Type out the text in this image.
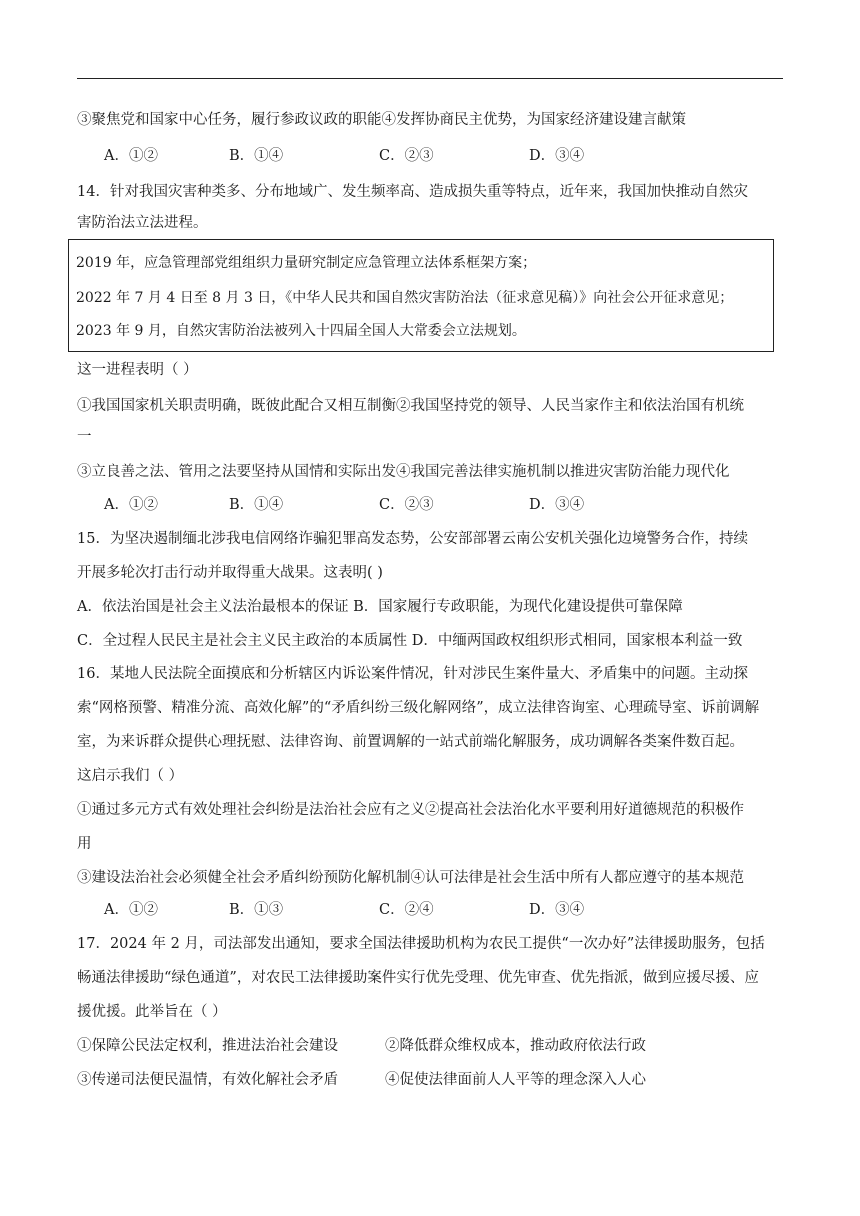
③聚焦党和国家中心任务，履行参政议政的职能④发挥协商民主优势，为国家经济建设建言献策
A．①②	B．①④	C．②③	D．③④
14．针对我国灾害种类多、分布地域广、发生频率高、造成损失重等特点，近年来，我国加快推动自然灾
害防治法立法进程。
2019 年，应急管理部党组组织力量研究制定应急管理立法体系框架方案；
2022 年 7 月 4 日至 8 月 3 日，《中华人民共和国自然灾害防治法（征求意见稿）》向社会公开征求意见；
2023 年 9 月，自然灾害防治法被列入十四届全国人大常委会立法规划。
这一进程表明（ ）
①我国国家机关职责明确，既彼此配合又相互制衡②我国坚持党的领导、人民当家作主和依法治国有机统
一
③立良善之法、管用之法要坚持从国情和实际出发④我国完善法律实施机制以推进灾害防治能力现代化
A．①②	B．①④	C．②③	D．③④
15．为坚决遏制缅北涉我电信网络诈骗犯罪高发态势，公安部部署云南公安机关强化边境警务合作，持续
开展多轮次打击行动并取得重大战果。这表明( )
A．依法治国是社会主义法治最根本的保证 B．国家履行专政职能，为现代化建设提供可靠保障
C．全过程人民民主是社会主义民主政治的本质属性 D．中缅两国政权组织形式相同，国家根本利益一致
16．某地人民法院全面摸底和分析辖区内诉讼案件情况，针对涉民生案件量大、矛盾集中的问题。主动探
索“网格预警、精准分流、高效化解”的“矛盾纠纷三级化解网络”，成立法律咨询室、心理疏导室、诉前调解
室，为来诉群众提供心理抚慰、法律咨询、前置调解的一站式前端化解服务，成功调解各类案件数百起。
这启示我们（ ）
①通过多元方式有效处理社会纠纷是法治社会应有之义②提高社会法治化水平要利用好道德规范的积极作
用
③建设法治社会必须健全社会矛盾纠纷预防化解机制④认可法律是社会生活中所有人都应遵守的基本规范
A．①②	B．①③	C．②④	D．③④
17．2024 年 2 月，司法部发出通知，要求全国法律援助机构为农民工提供“一次办好”法律援助服务，包括
畅通法律援助“绿色通道”，对农民工法律援助案件实行优先受理、优先审查、优先指派，做到应援尽援、应
援优援。此举旨在（ ）
①保障公民法定权利，推进法治社会建设	②降低群众维权成本，推动政府依法行政
③传递司法便民温情，有效化解社会矛盾	④促使法律面前人人平等的理念深入人心
